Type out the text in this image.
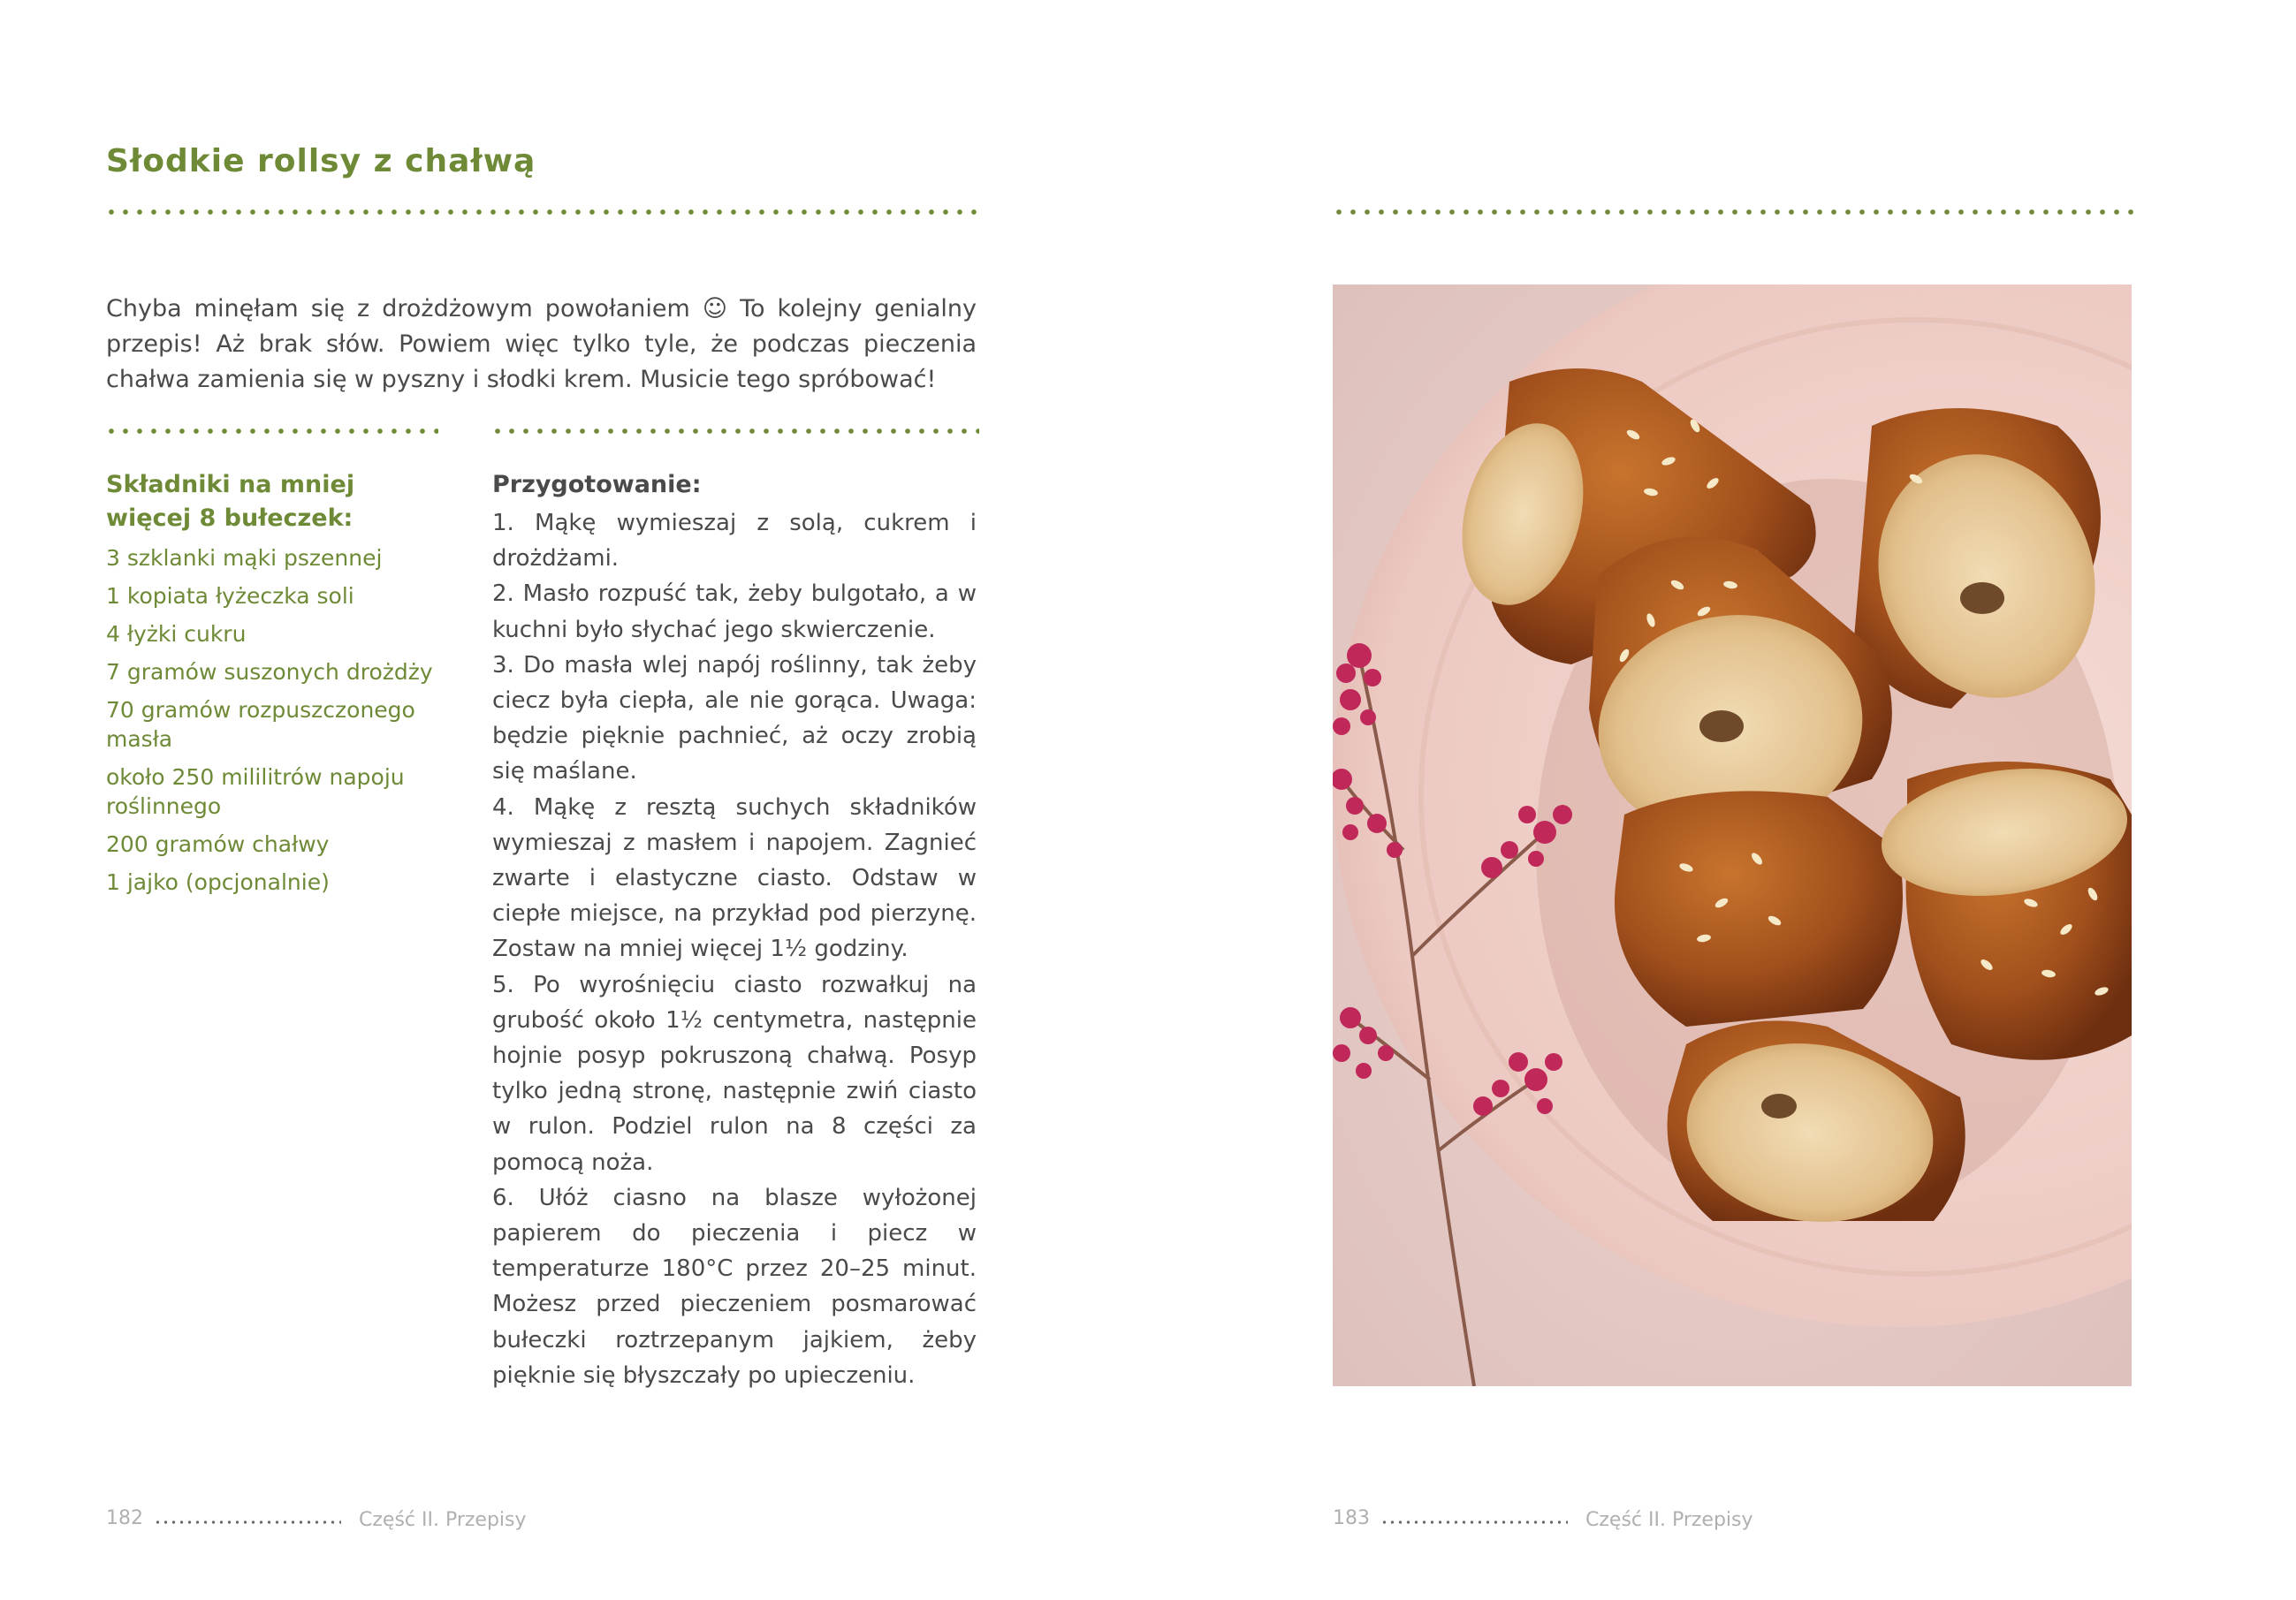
Słodkie rollsy z chałwą

Chyba minęłam się z drożdżowym powołaniem ☺ To kolejny genialny przepis! Aż brak słów. Powiem więc tylko tyle, że podczas pieczenia chałwa zamienia się w pyszny i słodki krem. Musicie tego spróbować!

Składniki na mniej więcej 8 bułeczek:
3 szklanki mąki pszennej
1 kopiata łyżeczka soli
4 łyżki cukru
7 gramów suszonych drożdży
70 gramów rozpuszczonego masła
około 250 mililitrów napoju roślinnego
200 gramów chałwy
1 jajko (opcjonalnie)
Przygotowanie:
1. Mąkę wymieszaj z solą, cukrem i drożdżami.
2. Masło rozpuść tak, żeby bulgotało, a w kuchni było słychać jego skwierczenie.
3. Do masła wlej napój roślinny, tak żeby ciecz była ciepła, ale nie gorąca. Uwaga: będzie pięknie pachnieć, aż oczy zrobią się maślane.
4. Mąkę z resztą suchych składników wymieszaj z masłem i napojem. Zagnieć zwarte i elastyczne ciasto. Odstaw w ciepłe miejsce, na przykład pod pierzynę. Zostaw na mniej więcej 1½ godziny.
5. Po wyrośnięciu ciasto rozwałkuj na grubość około 1½ centymetra, następnie hojnie posyp pokruszoną chałwą. Posyp tylko jedną stronę, następnie zwiń ciasto w rulon. Podziel rulon na 8 części za pomocą noża.
6. Ułóż ciasno na blasze wyłożonej papierem do pieczenia i piecz w temperaturze 180°C przez 20–25 minut. Możesz przed pieczeniem posmarować bułeczki roztrzepanym jajkiem, żeby pięknie się błyszczały po upieczeniu.
182	Część II. Przepisy	183	Część II. Przepisy
